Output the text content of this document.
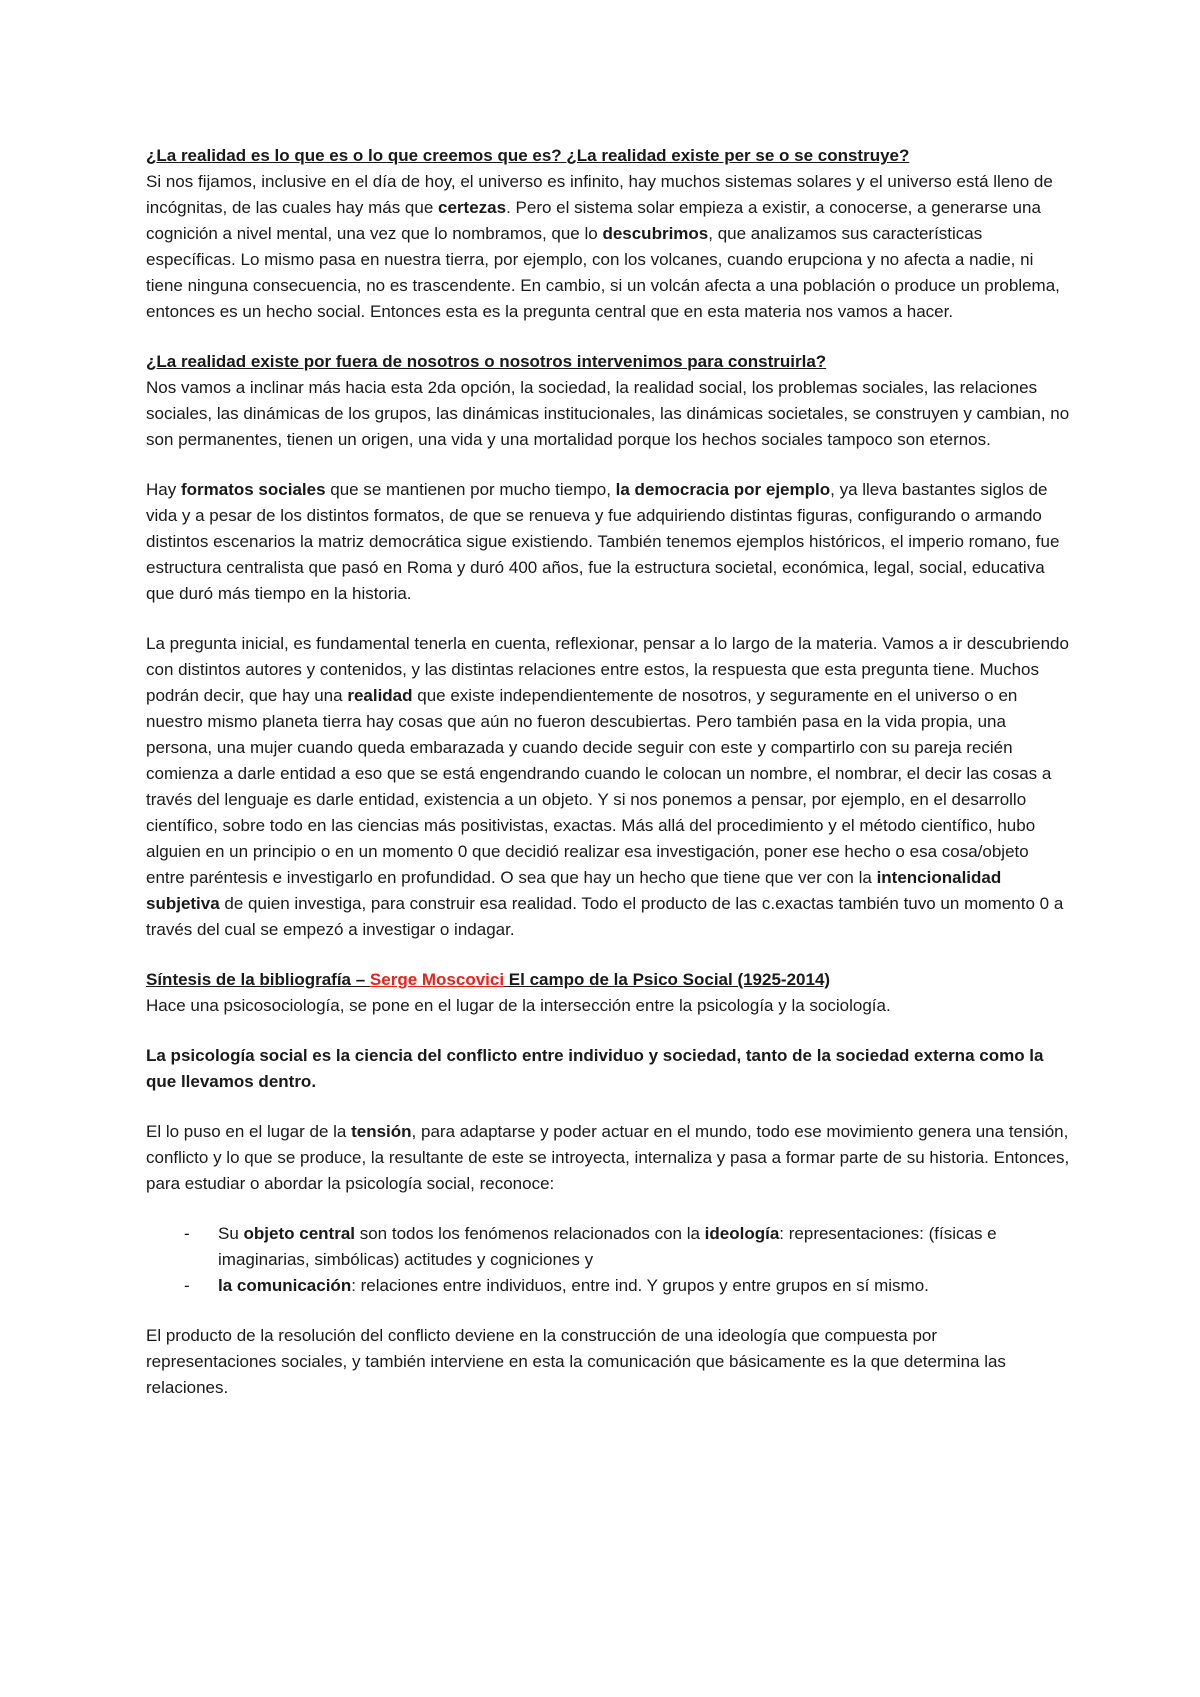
¿La realidad es lo que es o lo que creemos que es? ¿La realidad existe per se o se construye?

Si nos fijamos, inclusive en el día de hoy, el universo es infinito, hay muchos sistemas solares y el universo está lleno de incógnitas, de las cuales hay más que certezas. Pero el sistema solar empieza a existir, a conocerse, a generarse una cognición a nivel mental, una vez que lo nombramos, que lo descubrimos, que analizamos sus características específicas. Lo mismo pasa en nuestra tierra, por ejemplo, con los volcanes, cuando erupciona y no afecta a nadie, ni tiene ninguna consecuencia, no es trascendente. En cambio, si un volcán afecta a una población o produce un problema, entonces es un hecho social. Entonces esta es la pregunta central que en esta materia nos vamos a hacer.

¿La realidad existe por fuera de nosotros o nosotros intervenimos para construirla?

Nos vamos a inclinar más hacia esta 2da opción, la sociedad, la realidad social, los problemas sociales, las relaciones sociales, las dinámicas de los grupos, las dinámicas institucionales, las dinámicas societales, se construyen y cambian, no son permanentes, tienen un origen, una vida y una mortalidad porque los hechos sociales tampoco son eternos.

Hay formatos sociales que se mantienen por mucho tiempo, la democracia por ejemplo, ya lleva bastantes siglos de vida y a pesar de los distintos formatos, de que se renueva y fue adquiriendo distintas figuras, configurando o armando distintos escenarios la matriz democrática sigue existiendo. También tenemos ejemplos históricos, el imperio romano, fue estructura centralista que pasó en Roma y duró 400 años, fue la estructura societal, económica, legal, social, educativa que duró más tiempo en la historia.

La pregunta inicial, es fundamental tenerla en cuenta, reflexionar, pensar a lo largo de la materia. Vamos a ir descubriendo con distintos autores y contenidos, y las distintas relaciones entre estos, la respuesta que esta pregunta tiene. Muchos podrán decir, que hay una realidad que existe independientemente de nosotros, y seguramente en el universo o en nuestro mismo planeta tierra hay cosas que aún no fueron descubiertas. Pero también pasa en la vida propia, una persona, una mujer cuando queda embarazada y cuando decide seguir con este y compartirlo con su pareja recién comienza a darle entidad a eso que se está engendrando cuando le colocan un nombre, el nombrar, el decir las cosas a través del lenguaje es darle entidad, existencia a un objeto. Y si nos ponemos a pensar, por ejemplo, en el desarrollo científico, sobre todo en las ciencias más positivistas, exactas. Más allá del procedimiento y el método científico, hubo alguien en un principio o en un momento 0 que decidió realizar esa investigación, poner ese hecho o esa cosa/objeto entre paréntesis e investigarlo en profundidad. O sea que hay un hecho que tiene que ver con la intencionalidad subjetiva de quien investiga, para construir esa realidad. Todo el producto de las c.exactas también tuvo un momento 0 a través del cual se empezó a investigar o indagar.

Síntesis de la bibliografía – Serge Moscovici El campo de la Psico Social (1925-2014)

Hace una psicosociología, se pone en el lugar de la intersección entre la psicología y la sociología.

La psicología social es la ciencia del conflicto entre individuo y sociedad, tanto de la sociedad externa como la que llevamos dentro.

El lo puso en el lugar de la tensión, para adaptarse y poder actuar en el mundo, todo ese movimiento genera una tensión, conflicto y lo que se produce, la resultante de este se introyecta, internaliza y pasa a formar parte de su historia. Entonces, para estudiar o abordar la psicología social, reconoce:

- Su objeto central son todos los fenómenos relacionados con la ideología: representaciones: (físicas e imaginarias, simbólicas) actitudes y cogniciones y
- la comunicación: relaciones entre individuos, entre ind. Y grupos y entre grupos en sí mismo.

El producto de la resolución del conflicto deviene en la construcción de una ideología que compuesta por representaciones sociales, y también interviene en esta la comunicación que básicamente es la que determina las relaciones.
